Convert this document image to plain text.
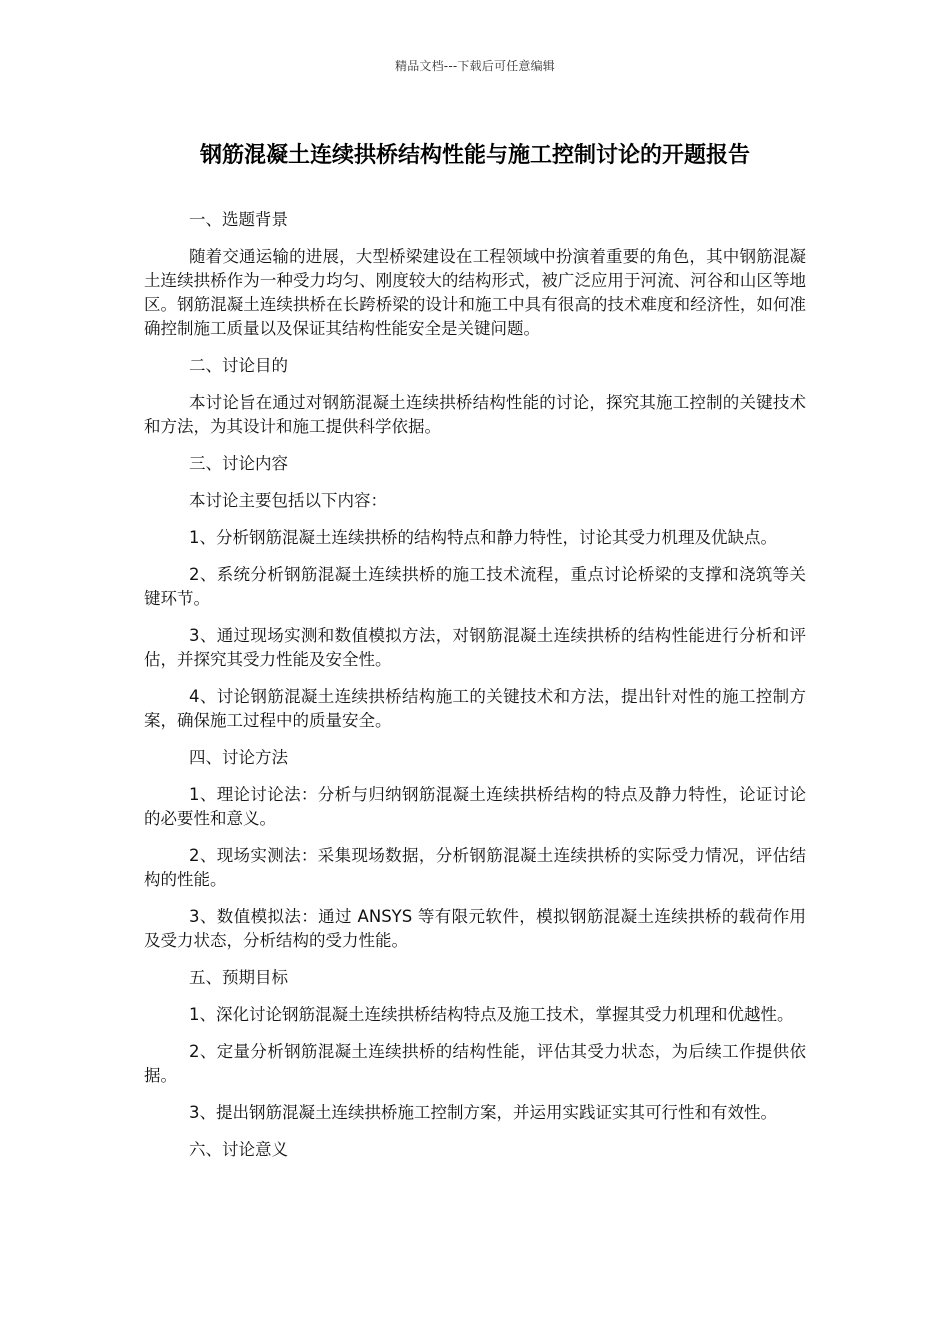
精品文档---下载后可任意编辑
钢筋混凝土连续拱桥结构性能与施工控制讨论的开题报告

一、选题背景

随着交通运输的进展，大型桥梁建设在工程领域中扮演着重要的角色，其中钢筋混凝土连续拱桥作为一种受力均匀、刚度较大的结构形式，被广泛应用于河流、河谷和山区等地区。钢筋混凝土连续拱桥在长跨桥梁的设计和施工中具有很高的技术难度和经济性，如何准确控制施工质量以及保证其结构性能安全是关键问题。

二、讨论目的

本讨论旨在通过对钢筋混凝土连续拱桥结构性能的讨论，探究其施工控制的关键技术和方法，为其设计和施工提供科学依据。

三、讨论内容

本讨论主要包括以下内容：

1、分析钢筋混凝土连续拱桥的结构特点和静力特性，讨论其受力机理及优缺点。

2、系统分析钢筋混凝土连续拱桥的施工技术流程，重点讨论桥梁的支撑和浇筑等关键环节。

3、通过现场实测和数值模拟方法，对钢筋混凝土连续拱桥的结构性能进行分析和评估，并探究其受力性能及安全性。

4、讨论钢筋混凝土连续拱桥结构施工的关键技术和方法，提出针对性的施工控制方案，确保施工过程中的质量安全。

四、讨论方法

1、理论讨论法：分析与归纳钢筋混凝土连续拱桥结构的特点及静力特性，论证讨论的必要性和意义。

2、现场实测法：采集现场数据，分析钢筋混凝土连续拱桥的实际受力情况，评估结构的性能。

3、数值模拟法：通过 ANSYS 等有限元软件，模拟钢筋混凝土连续拱桥的载荷作用及受力状态，分析结构的受力性能。

五、预期目标

1、深化讨论钢筋混凝土连续拱桥结构特点及施工技术，掌握其受力机理和优越性。

2、定量分析钢筋混凝土连续拱桥的结构性能，评估其受力状态，为后续工作提供依据。

3、提出钢筋混凝土连续拱桥施工控制方案，并运用实践证实其可行性和有效性。

六、讨论意义
